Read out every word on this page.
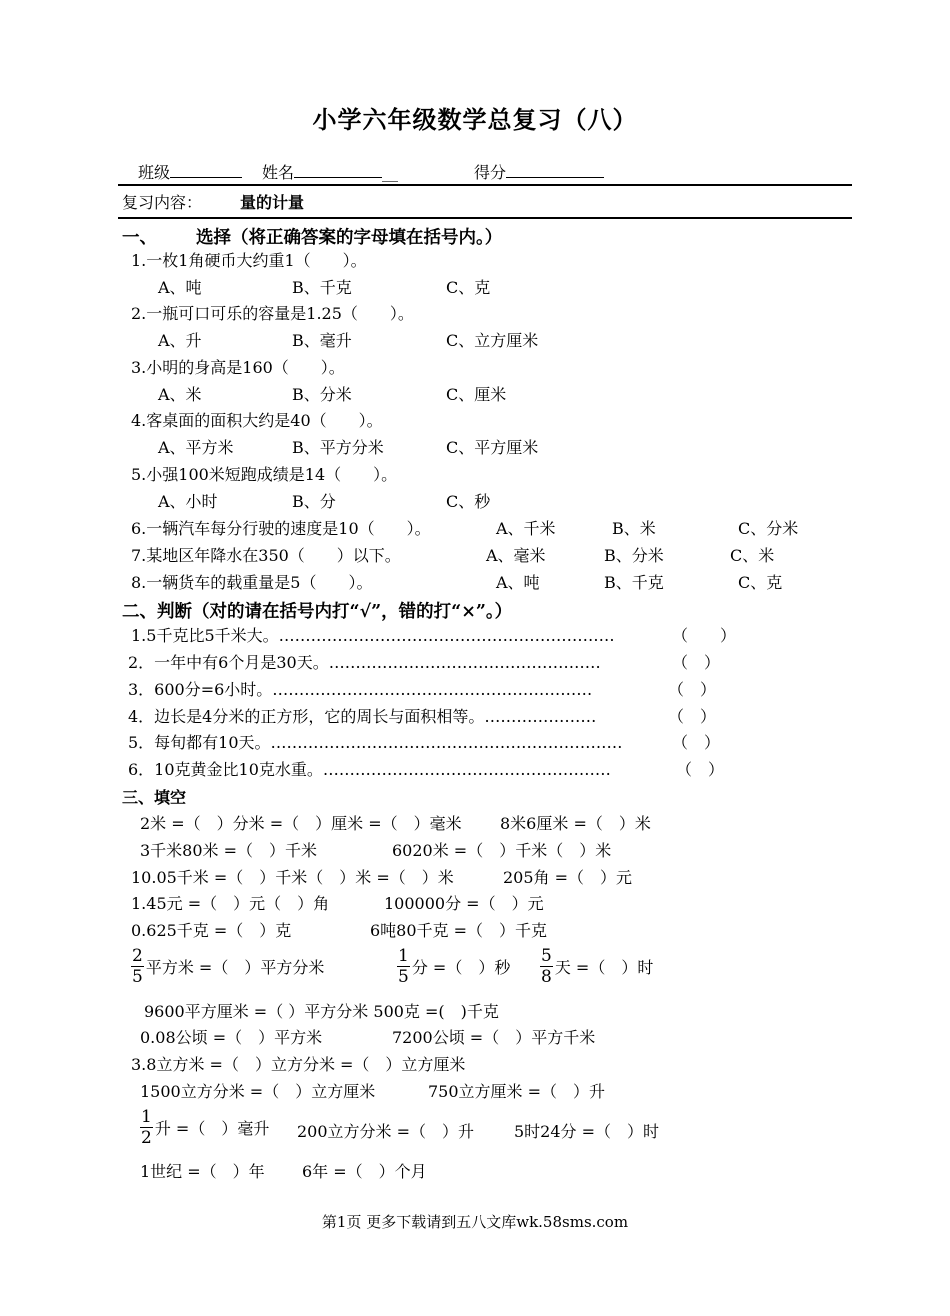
小学六年级数学总复习（八）
班级	姓名	__	得分
复习内容： 量的计量
一、 选择（将正确答案的字母填在括号内。）
1.一枚1角硬币大约重1（　　）。
A、吨	B、千克	C、克
2.一瓶可口可乐的容量是1.25（　　）。
A、升	B、毫升	C、立方厘米
3.小明的身高是160（　　）。
A、米	B、分米	C、厘米
4.客桌面的面积大约是40（　　）。
A、平方米	B、平方分米	C、平方厘米
5.小强100米短跑成绩是14（　　）。
A、小时	B、分	C、秒
6.一辆汽车每分行驶的速度是10（　　）。	A、千米	B、米	C、分米
7.某地区年降水在350（　　）以下。	A、毫米	B、分米	C、米
8.一辆货车的载重量是5（　　）。	A、吨	B、千克	C、克
二、判断（对的请在括号内打“√”，错的打“×”。）
1.5千克比5千米大。………………………………………………………	（　　）
2．一年中有6个月是30天。……………………………………………	（　）
3．600分=6小时。……………………………………………………	（　）
4．边长是4分米的正方形，它的周长与面积相等。…………………	（　）
5．每旬都有10天。…………………………………………………………	（　）
6．10克黄金比10克水重。………………………………………………	（　）
三、填空
2米 =（　）分米 =（　）厘米 =（　）毫米 8米6厘米 =（　）米
3千米80米 =（　）千米	6020米 =（　）千米（　）米
10.05千米 =（　）千米（　）米 =（　）米	205角 =（　）元
1.45元 =（　）元（　）角	100000分 =（　）元
0.625千克 =（　）克	6吨80千克 =（　）千克
$\frac{2}{5}$ 平方米 =（　）平方分米	$\frac{1}{5}$ 分 =（　）秒 $\frac{5}{8}$ 天 =（　）时
9600平方厘米 =（ ）平方分米 500克 =(　)千克
0.08公顷 =（　）平方米	7200公顷 =（　）平方千米
3.8立方米 =（　）立方分米 =（　）立方厘米
1500立方分米 =（　）立方厘米	750立方厘米 =（　）升
$\frac{1}{2}$ 升 =（　）毫升 200立方分米 =（　）升 5时24分 =（　）时
1世纪 =（　）年 6年 =（　）个月
第1页 更多下载请到五八文库wk.58sms.com
